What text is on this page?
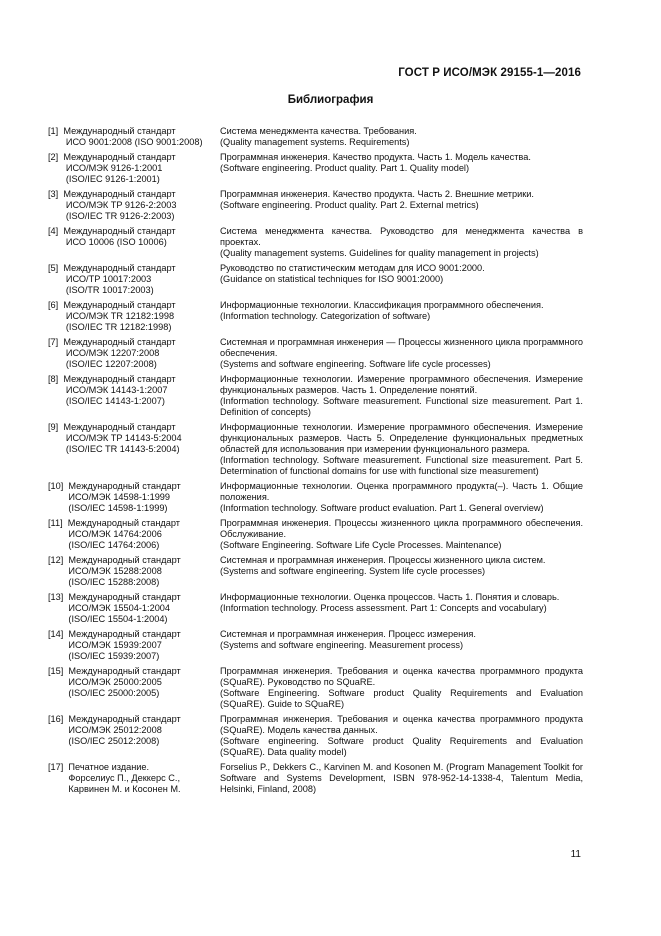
ГОСТ Р ИСО/МЭК 29155-1—2016
Библиография
[1]  Международный стандарт
ИСО 9001:2008 (ISO 9001:2008)
Система менеджмента качества. Требования.
(Quality management systems. Requirements)
[2]  Международный стандарт
ИСО/МЭК 9126-1:2001
(ISO/IEC 9126-1:2001)
Программная инженерия. Качество продукта. Часть 1. Модель качества.
(Software engineering. Product quality. Part 1. Quality model)
[3]  Международный стандарт
ИСО/МЭК TP 9126-2:2003
(ISO/IEC TR 9126-2:2003)
Программная инженерия. Качество продукта. Часть 2. Внешние метрики.
(Software engineering. Product quality. Part 2. External metrics)
[4]  Международный стандарт
ИСО 10006 (ISO 10006)
Система менеджмента качества. Руководство для менеджмента качества в проектах.
(Quality management systems. Guidelines for quality management in projects)
[5]  Международный стандарт
ИСО/TP 10017:2003
(ISO/TR 10017:2003)
Руководство по статистическим методам для ИСО 9001:2000.
(Guidance on statistical techniques for ISO 9001:2000)
[6]  Международный стандарт
ИСО/МЭК TR 12182:1998
(ISO/IEC TR 12182:1998)
Информационные технологии. Классификация программного обеспечения.
(Information technology. Categorization of software)
[7]  Международный стандарт
ИСО/МЭК 12207:2008
(ISO/IEC 12207:2008)
Системная и программная инженерия — Процессы жизненного цикла программного обеспечения.
(Systems and software engineering. Software life cycle processes)
[8]  Международный стандарт
ИСО/МЭК 14143-1:2007
(ISO/IEC 14143-1:2007)
Информационные технологии. Измерение программного обеспечения. Измерение функциональных размеров. Часть 1. Определение понятий.
(Information technology. Software measurement. Functional size measurement. Part 1. Definition of concepts)
[9]  Международный стандарт
ИСО/МЭК TP 14143-5:2004
(ISO/IEC TR 14143-5:2004)
Информационные технологии. Измерение программного обеспечения. Измерение функциональных размеров. Часть 5. Определение функциональных предметных областей для использования при измерении функционального размера.
(Information technology. Software measurement. Functional size measurement. Part 5. Determination of functional domains for use with functional size measurement)
[10]  Международный стандарт
ИСО/МЭК 14598-1:1999
(ISO/IEC 14598-1:1999)
Информационные технологии. Оценка программного продукта(–). Часть 1. Общие положения.
(Information technology. Software product evaluation. Part 1. General overview)
[11]  Международный стандарт
ИСО/МЭК 14764:2006
(ISO/IEC 14764:2006)
Программная инженерия. Процессы жизненного цикла программного обеспечения. Обслуживание.
(Software Engineering. Software Life Cycle Processes. Maintenance)
[12]  Международный стандарт
ИСО/МЭК 15288:2008
(ISO/IEC 15288:2008)
Системная и программная инженерия. Процессы жизненного цикла систем.
(Systems and software engineering. System life cycle processes)
[13]  Международный стандарт
ИСО/МЭК 15504-1:2004
(ISO/IEC 15504-1:2004)
Информационные технологии. Оценка процессов. Часть 1. Понятия и словарь.
(Information technology. Process assessment. Part 1: Concepts and vocabulary)
[14]  Международный стандарт
ИСО/МЭК 15939:2007
(ISO/IEC 15939:2007)
Системная и программная инженерия. Процесс измерения.
(Systems and software engineering. Measurement process)
[15]  Международный стандарт
ИСО/МЭК 25000:2005
(ISO/IEC 25000:2005)
Программная инженерия. Требования и оценка качества программного продукта (SQuaRE). Руководство по SQuaRE.
(Software Engineering. Software product Quality Requirements and Evaluation (SQuaRE). Guide to SQuaRE)
[16]  Международный стандарт
ИСО/МЭК 25012:2008
(ISO/IEC 25012:2008)
Программная инженерия. Требования и оценка качества программного продукта (SQuaRE). Модель качества данных.
(Software engineering. Software product Quality Requirements and Evaluation (SQuaRE). Data quality model)
[17]  Печатное издание.
Форселиус П., Деккерс С.,
Карвинен М. и Косонен М.
Forselius P., Dekkers C., Karvinen M. and Kosonen M. (Program Management Toolkit for Software and Systems Development, ISBN 978-952-14-1338-4, Talentum Media, Helsinki, Finland, 2008)
11
